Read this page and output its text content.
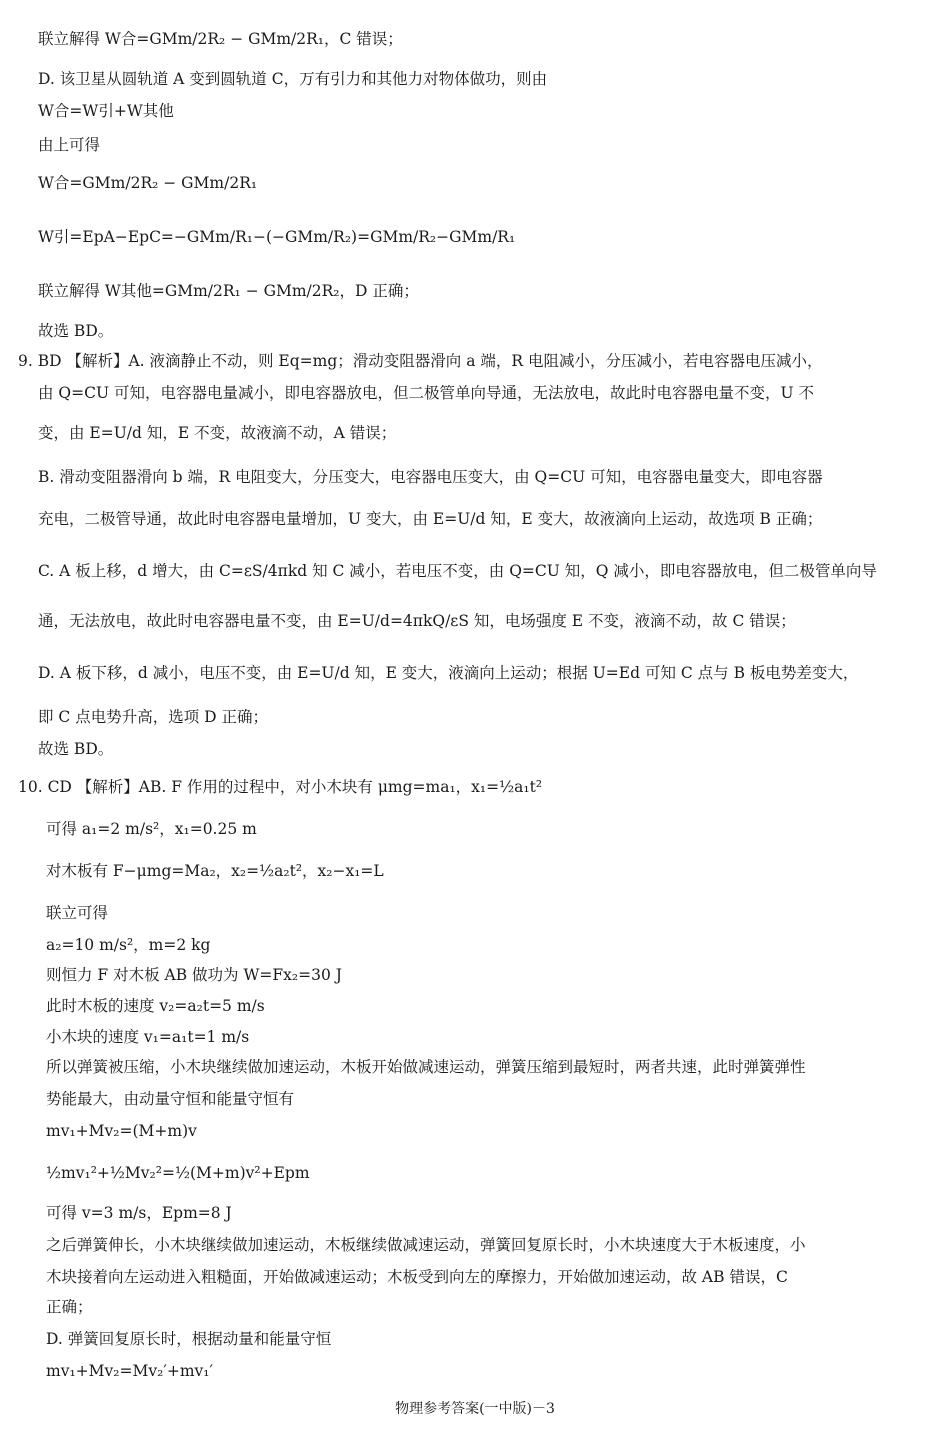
联立解得 W合=GMm/2R₂ − GMm/2R₁，C 错误；
D. 该卫星从圆轨道 A 变到圆轨道 C，万有引力和其他力对物体做功，则由
W合=W引+W其他
由上可得
W合=GMm/2R₂ − GMm/2R₁
W引=EpA−EpC=−GMm/R₁−(−GMm/R₂)=GMm/R₂−GMm/R₁
联立解得 W其他=GMm/2R₁ − GMm/2R₂，D 正确；
故选 BD。
9. BD 【解析】A. 液滴静止不动，则 Eq=mg；滑动变阻器滑向 a 端，R 电阻减小，分压减小，若电容器电压减小，
由 Q=CU 可知，电容器电量减小，即电容器放电，但二极管单向导通，无法放电，故此时电容器电量不变，U 不
变，由 E=U/d 知，E 不变，故液滴不动，A 错误；
B. 滑动变阻器滑向 b 端，R 电阻变大，分压变大，电容器电压变大，由 Q=CU 可知，电容器电量变大，即电容器
充电，二极管导通，故此时电容器电量增加，U 变大，由 E=U/d 知，E 变大，故液滴向上运动，故选项 B 正确；
C. A 板上移，d 增大，由 C=εS/4πkd 知 C 减小，若电压不变，由 Q=CU 知，Q 减小，即电容器放电，但二极管单向导
通，无法放电，故此时电容器电量不变，由 E=U/d=4πkQ/εS 知，电场强度 E 不变，液滴不动，故 C 错误；
D. A 板下移，d 减小，电压不变，由 E=U/d 知，E 变大，液滴向上运动；根据 U=Ed 可知 C 点与 B 板电势差变大，
即 C 点电势升高，选项 D 正确；
故选 BD。
10. CD 【解析】AB. F 作用的过程中，对小木块有 μmg=ma₁，x₁=½a₁t²
可得 a₁=2 m/s²，x₁=0.25 m
对木板有 F−μmg=Ma₂，x₂=½a₂t²，x₂−x₁=L
联立可得
a₂=10 m/s²，m=2 kg
则恒力 F 对木板 AB 做功为 W=Fx₂=30 J
此时木板的速度 v₂=a₂t=5 m/s
小木块的速度 v₁=a₁t=1 m/s
所以弹簧被压缩，小木块继续做加速运动，木板开始做减速运动，弹簧压缩到最短时，两者共速，此时弹簧弹性
势能最大，由动量守恒和能量守恒有
mv₁+Mv₂=(M+m)v
½mv₁²+½Mv₂²=½(M+m)v²+Epm
可得 v=3 m/s，Epm=8 J
之后弹簧伸长，小木块继续做加速运动，木板继续做减速运动，弹簧回复原长时，小木块速度大于木板速度，小
木块接着向左运动进入粗糙面，开始做减速运动；木板受到向左的摩擦力，开始做加速运动，故 AB 错误，C
正确；
D. 弹簧回复原长时，根据动量和能量守恒
mv₁+Mv₂=Mv₂′+mv₁′
物理参考答案(一中版)－3
